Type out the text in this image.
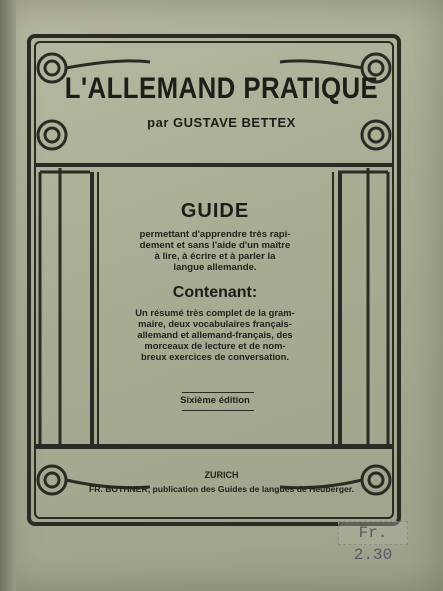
L'ALLEMAND PRATIQUE
par GUSTAVE BETTEX
GUIDE
permettant d'apprendre très rapi-
dement et sans l'aide d'un maître
à lire, à écrire et à parler la
langue allemande.
Contenant:
Un résumé très complet de la gram-
maire, deux vocabulaires français-
allemand et allemand-français, des
morceaux de lecture et de nom-
breux exercices de conversation.
Sixième édition
ZURICH
FR. BOTHNER, publication des Guides de langues de Heuberger.
Fr. 2.30
